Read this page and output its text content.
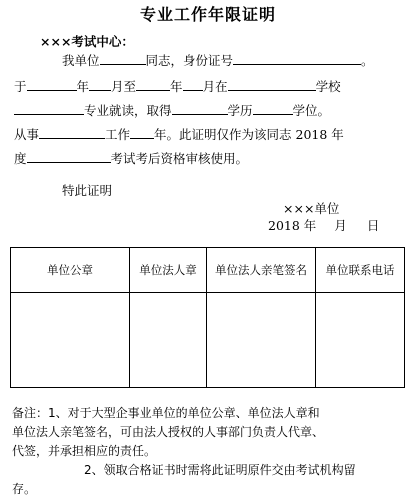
专业工作年限证明
×××考试中心：
我单位	同志，身份证号	。
于	年 月至	年 月在	学校
专业就读，取得	学历	学位。
从事	工作 年。此证明仅作为该同志 2018 年
度	考试考后资格审核使用。
特此证明
×××单位
2018 年 月 日
单位公章	单位法人章	单位法人亲笔签名	单位联系电话

备注：1、对于大型企事业单位的单位公章、单位法人章和

单位法人亲笔签名，可由法人授权的人事部门负责人代章、

代签，并承担相应的责任。

2、领取合格证书时需将此证明原件交由考试机构留

存。
